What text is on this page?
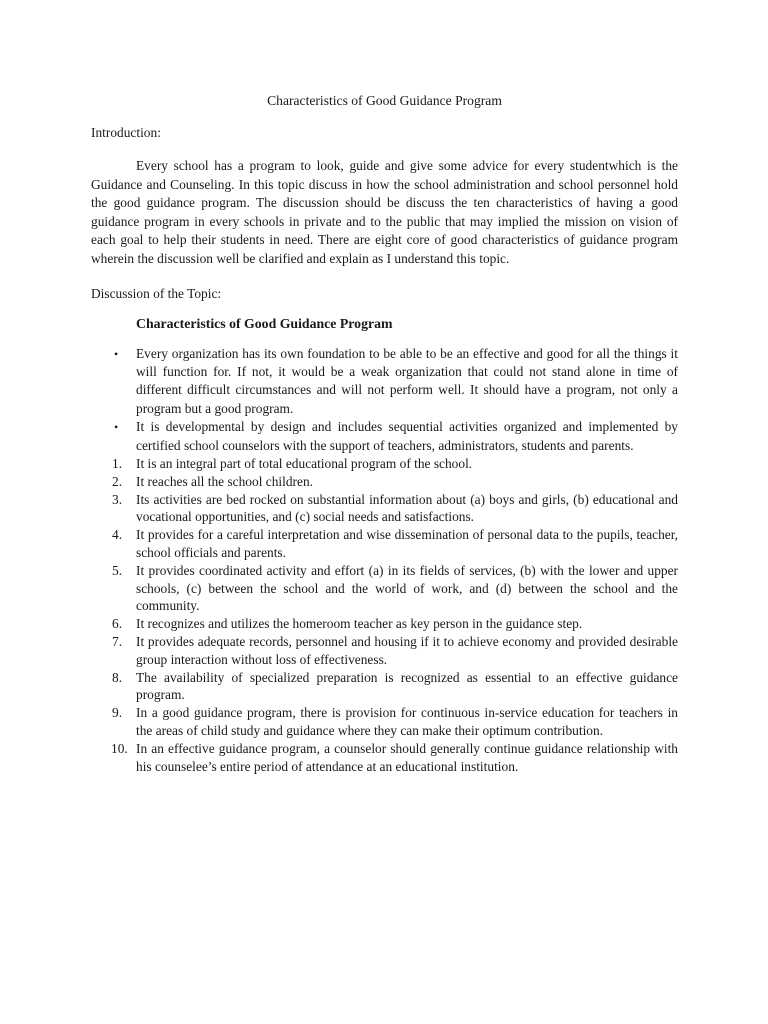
Characteristics of Good Guidance Program

Introduction:

Every school has a program to look, guide and give some advice for every studentwhich is the Guidance and Counseling. In this topic discuss in how the school administration and school personnel hold the good guidance program. The discussion should be discuss the ten characteristics of having a good guidance program in every schools in private and to the public that may implied the mission on vision of each goal to help their students in need. There are eight core of good characteristics of guidance program wherein the discussion well be clarified and explain as I understand this topic.

Discussion of the Topic:

Characteristics of Good Guidance Program

• Every organization has its own foundation to be able to be an effective and good for all the things it will function for. If not, it would be a weak organization that could not stand alone in time of different difficult circumstances and will not perform well. It should have a program, not only a program but a good program.
• It is developmental by design and includes sequential activities organized and implemented by certified school counselors with the support of teachers, administrators, students and parents.
1. It is an integral part of total educational program of the school.
2. It reaches all the school children.
3. Its activities are bed rocked on substantial information about (a) boys and girls, (b) educational and vocational opportunities, and (c) social needs and satisfactions.
4. It provides for a careful interpretation and wise dissemination of personal data to the pupils, teacher, school officials and parents.
5. It provides coordinated activity and effort (a) in its fields of services, (b) with the lower and upper schools, (c) between the school and the world of work, and (d) between the school and the community.
6. It recognizes and utilizes the homeroom teacher as key person in the guidance step.
7. It provides adequate records, personnel and housing if it to achieve economy and provided desirable group interaction without loss of effectiveness.
8. The availability of specialized preparation is recognized as essential to an effective guidance program.
9. In a good guidance program, there is provision for continuous in-service education for teachers in the areas of child study and guidance where they can make their optimum contribution.
10. In an effective guidance program, a counselor should generally continue guidance relationship with his counselee’s entire period of attendance at an educational institution.
